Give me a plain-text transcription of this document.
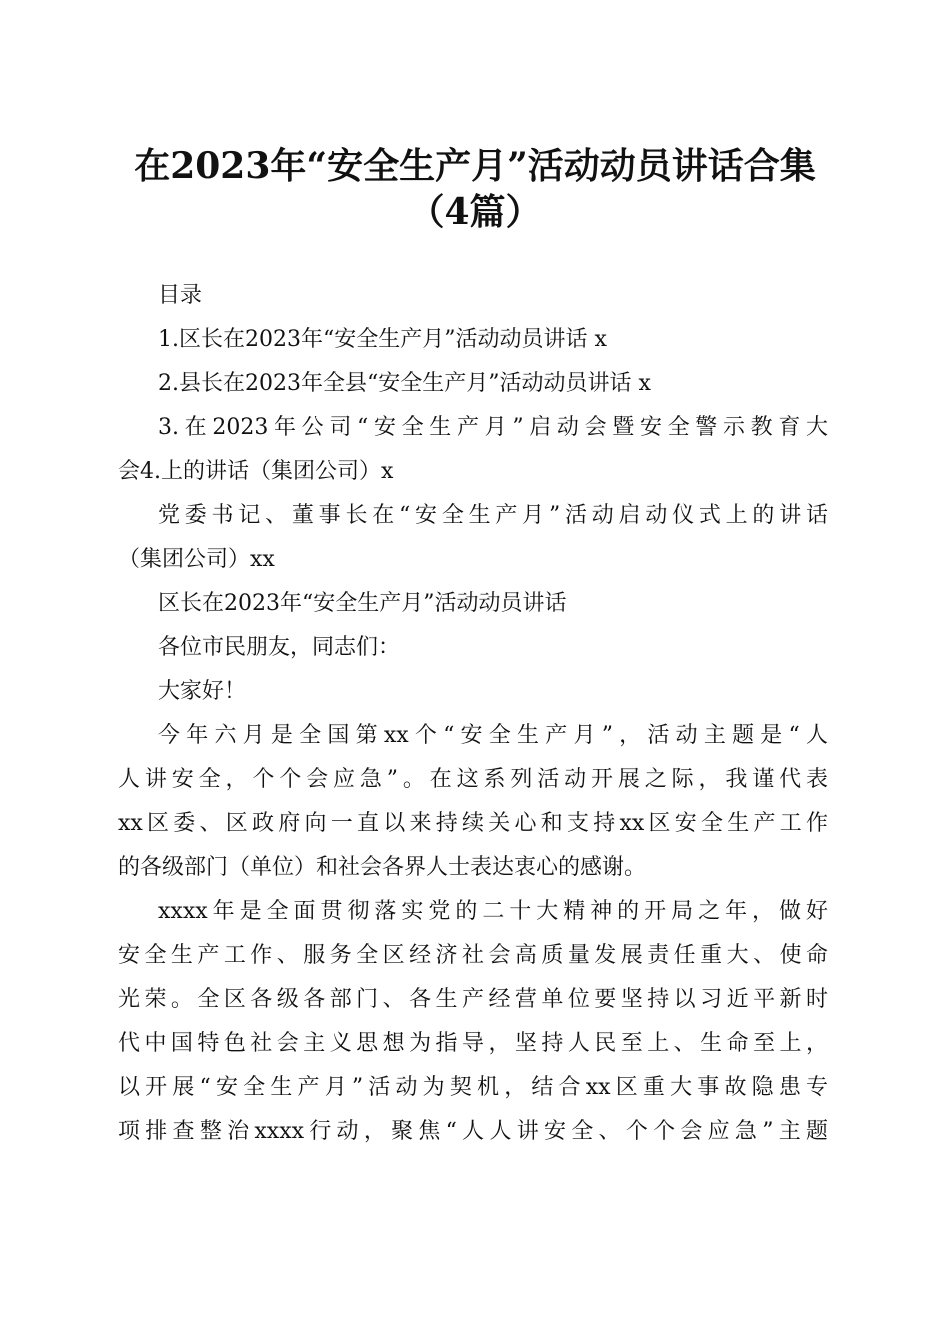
在2023年“安全生产月”活动动员讲话合集
（4篇）
目录
1.区长在2023年“安全生产月”活动动员讲话 x
2.县长在2023年全县“安全生产月”活动动员讲话 x
3.在2023年公司“安全生产月”启动会暨安全警示教育大
会4.上的讲话（集团公司）x
党委书记、董事长在“安全生产月”活动启动仪式上的讲话
（集团公司）xx
区长在2023年“安全生产月”活动动员讲话
各位市民朋友，同志们：
大家好！
今年六月是全国第xx个“安全生产月”，活动主题是“人
人讲安全，个个会应急”。在这系列活动开展之际，我谨代表
xx区委、区政府向一直以来持续关心和支持xx区安全生产工作
的各级部门（单位）和社会各界人士表达衷心的感谢。
xxxx年是全面贯彻落实党的二十大精神的开局之年，做好
安全生产工作、服务全区经济社会高质量发展责任重大、使命
光荣。全区各级各部门、各生产经营单位要坚持以习近平新时
代中国特色社会主义思想为指导，坚持人民至上、生命至上，
以开展“安全生产月”活动为契机，结合xx区重大事故隐患专
项排查整治xxxx行动，聚焦“人人讲安全、个个会应急”主题
